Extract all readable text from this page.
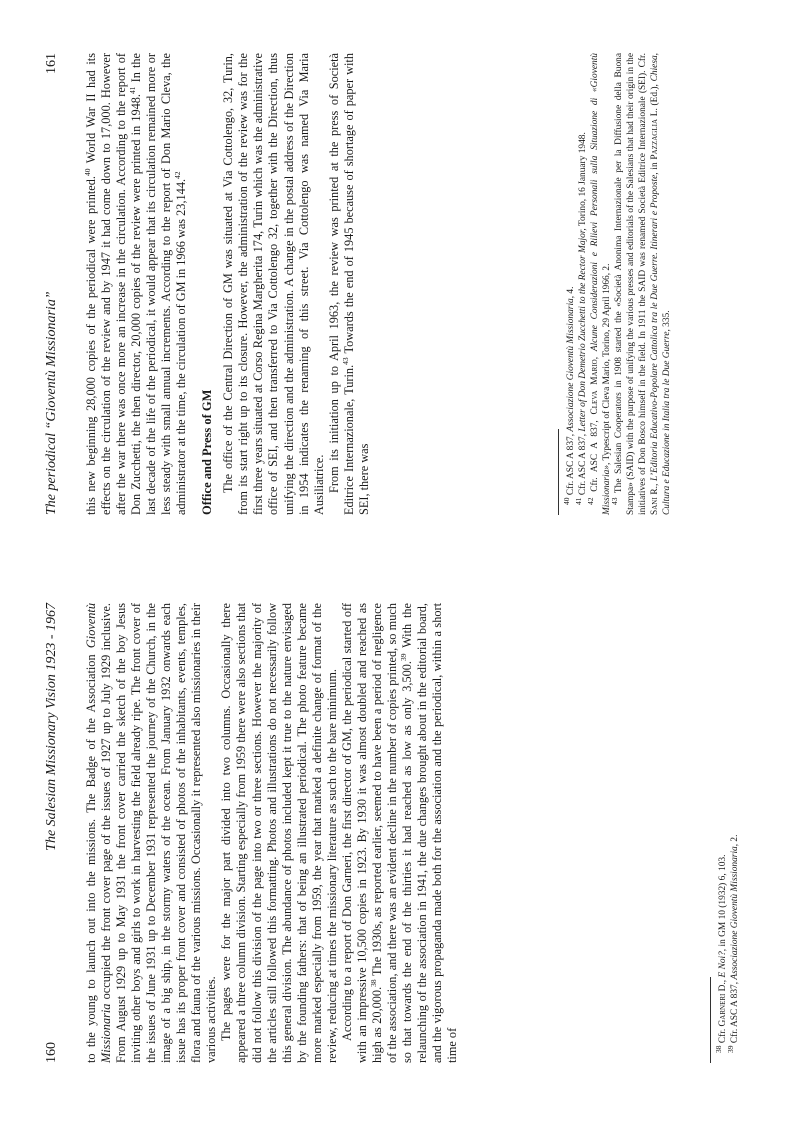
160
The Salesian Missionary Vision 1923 - 1967 to the young to launch out into the missions. The Badge of the Association Gioventù Missionaria occupied the front cover page of the issues of 1927 up to July 1929 inclusive. From August 1929 up to May 1931 the front cover carried the sketch of the boy Jesus inviting other boys and girls to work in harvesting the field already ripe. The front cover of the issues of June 1931 up to December 1931 represented the journey of the Church, in the image of a big ship, in the stormy waters of the ocean. From January 1932 onwards each issue has its proper front cover and consisted of photos of the inhabitants, events, temples, flora and fauna of the various missions. Occasionally it represented also missionaries in their various activities. The pages were for the major part divided into two columns. Occasionally there appeared a three column division. Starting especially from 1959 there were also sections that did not follow this division of the page into two or three sections. However the majority of the articles still followed this formatting. Photos and illustrations do not necessarily follow this general division. The abundance of photos included kept it true to the nature envisaged by the founding fathers: that of being an illustrated periodical. The photo feature became more marked especially from 1959, the year that marked a definite change of format of the review, reducing at times the missionary literature as such to the bare minimum. According to a report of Don Garneri, the first director of GM, the periodical started off with an impressive 10,500 copies in 1923. By 1930 it was almost doubled and reached as high as 20,000.38 The 1930s, as reported earlier, seemed to have been a period of negligence of the association, and there was an evident decline in the number of copies printed, so much so that towards the end of the thirties it had reached as low as only 3,500.39 With the relaunching of the association in 1941, the due changes brought about in the editorial board, and the vigorous propaganda made both for the association and the periodical, within a short time of	$^{38}$ Cfr. Garneri D., E Noi?, in GM 10 (1932) 6, 103.

$^{39}$ Cfr. ASC A 837, Associazione Gioventù Missionaria, 2.

The periodical “Gioventù Missionaria”
161

this new beginning 28,000 copies of the periodical were printed.$^{40}$ World War II had its effects on the circulation of the review and by 1947 it had come down to 17,000. However after the war there was once more an increase in the circulation. According to the report of Don Zucchetti, the then director, 20,000 copies of the review were printed in 1948.41 In the last decade of the life of the periodical, it would appear that its circulation remained more or less steady with small annual increments. According to the report of Don Mario Cleva, the administrator at the time, the circulation of GM in 1966 was 23,144.42

Office and Press of GM The office of the Central Direction of GM was situated at Via Cottolengo, 32, Turin, from its start right up to its closure. However, the administration of the review was for the first three years situated at Corso Regina Margherita 174, Turin which was the administrative office of SEI, and then transferred to Via Cottolengo 32, together with the Direction, thus unifying the direction and the administration. A change in the postal address of the Direction in 1954 indicates the renaming of this street. Via Cottolengo was named Via Maria Ausiliatrice. From its initiation up to April 1963, the review was printed at the press of Società Editrice Internazionale, Turin.$^{43}$ Towards the end of 1945 because of shortage of paper with SEI, there was	$^{40}$ Cfr. ASC A 837, Associazione Gioventù Missionaria, 4.

$^{41}$ Cfr. ASC A 837, Letter of Don Demetrio Zucchetti to the Rector Major, Torino, 16 January 1948.

$^{42}$ Cfr. ASC A 837, Cleva Mario, Alcune Considerazioni e Rilievi Personali sulla Situazione di «Gioventù Missionaria», Typescript of Cleva Mario, Torino, 29 April 1966, 2.

$^{43}$ The Salesian Cooperators in 1908 started the «Società Anonima Internazionale per la Diffusione della Buona Stampa» (SAID) with the purpose of unifying the various presses and editorials of the Salesians that had their origin in the initiatives of Don Bosco himself in the field. In 1911 the SAID was renamed Società Editrice Internazionale (SEI). Cfr. Sani R., L’Editoria Educativo-Popolare Cattolica tra le Due Guerre. Itinerari e Proposte, in Pazzaglia L. (Ed.), Chiesa, Cultura e Educazione in Italia tra le Due Guerre, 335.
